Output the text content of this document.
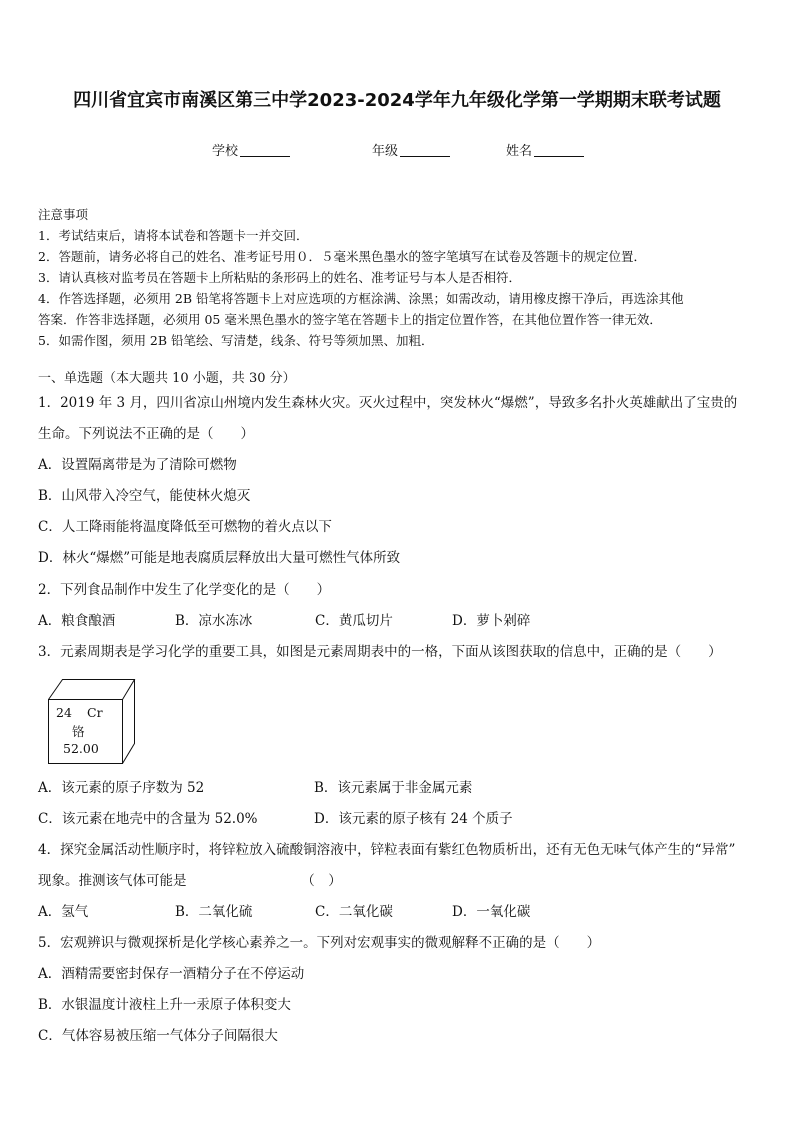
四川省宜宾市南溪区第三中学2023-2024学年九年级化学第一学期期末联考试题
学校	年级	姓名
注意事项
1．考试结束后，请将本试卷和答题卡一并交回．
2．答题前，请务必将自己的姓名、准考证号用０．５毫米黑色墨水的签字笔填写在试卷及答题卡的规定位置．
3．请认真核对监考员在答题卡上所粘贴的条形码上的姓名、准考证号与本人是否相符．
4．作答选择题，必须用 2B 铅笔将答题卡上对应选项的方框涂满、涂黑；如需改动，请用橡皮擦干净后，再选涂其他
答案．作答非选择题，必须用 05 毫米黑色墨水的签字笔在答题卡上的指定位置作答，在其他位置作答一律无效．
5．如需作图，须用 2B 铅笔绘、写清楚，线条、符号等须加黑、加粗．
一、单选题（本大题共 10 小题，共 30 分）
1．2019 年 3 月，四川省凉山州境内发生森林火灾。灭火过程中，突发林火“爆燃”，导致多名扑火英雄献出了宝贵的
生命。下列说法不正确的是（　　）
A．设置隔离带是为了清除可燃物
B．山风带入冷空气，能使林火熄灭
C．人工降雨能将温度降低至可燃物的着火点以下
D．林火“爆燃”可能是地表腐质层释放出大量可燃性气体所致
2．下列食品制作中发生了化学变化的是（　　）
A．粮食酿酒	B．凉水冻冰	C．黄瓜切片	D．萝卜剁碎
3．元素周期表是学习化学的重要工具，如图是元素周期表中的一格，下面从该图获取的信息中，正确的是（　　）
24 Cr
铬
52.00
A．该元素的原子序数为 52	B．该元素属于非金属元素
C．该元素在地壳中的含量为 52.0%	D．该元素的原子核有 24 个质子
4．探究金属活动性顺序时，将锌粒放入硫酸铜溶液中，锌粒表面有紫红色物质析出，还有无色无味气体产生的“异常”
现象。推测该气体可能是　　　　　　　　　（　）
A．氢气	B．二氧化硫	C．二氧化碳	D．一氧化碳
5．宏观辨识与微观探析是化学核心素养之一。下列对宏观事实的微观解释不正确的是（　　）
A．酒精需要密封保存一酒精分子在不停运动
B．水银温度计液柱上升一汞原子体积变大
C．气体容易被压缩一气体分子间隔很大
